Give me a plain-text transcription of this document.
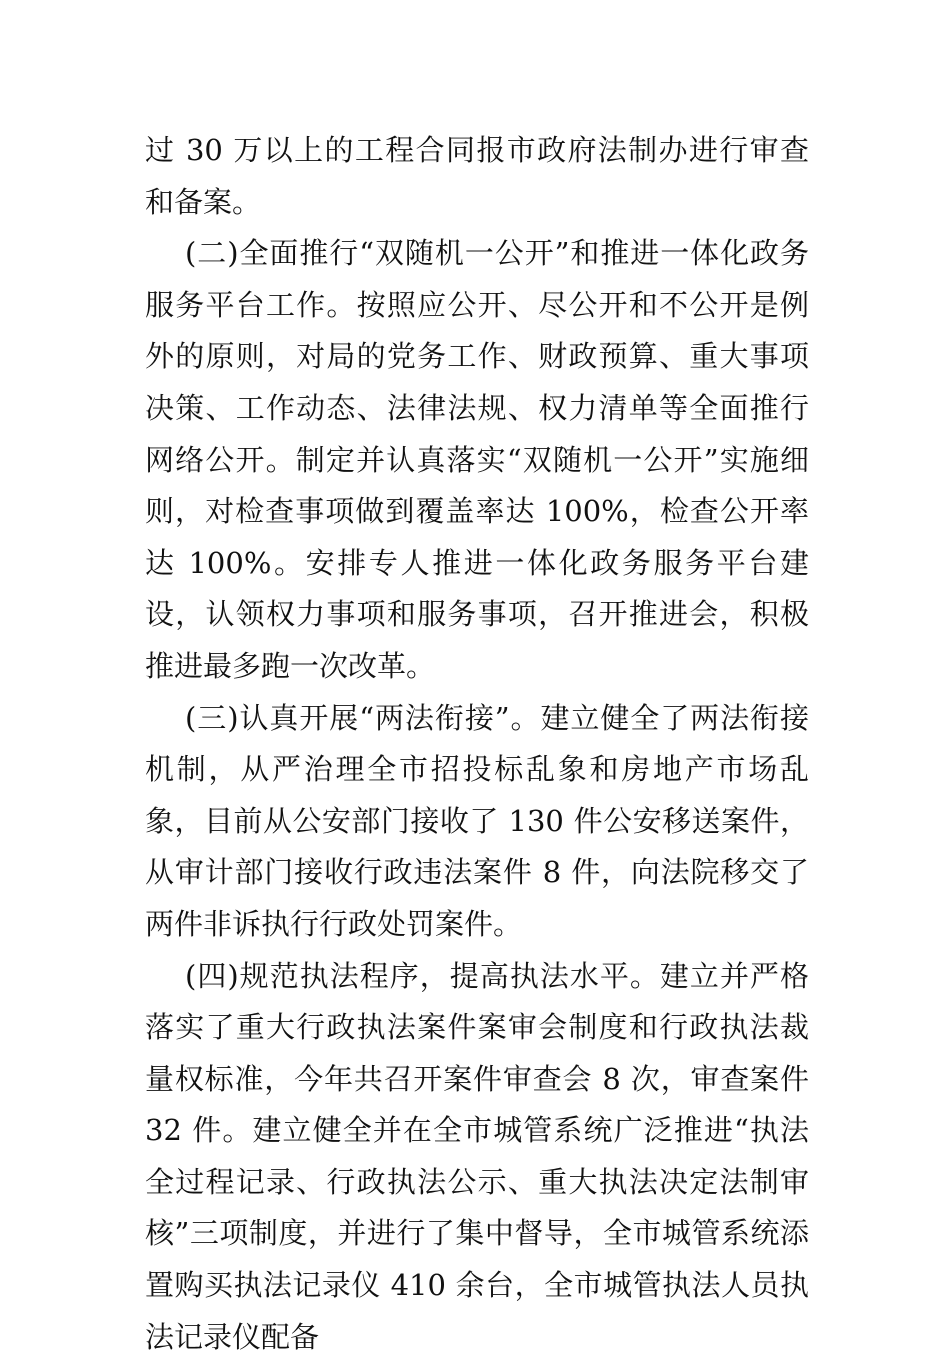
过 30 万以上的工程合同报市政府法制办进行审查和备案。

(二)全面推行“双随机一公开”和推进一体化政务服务平台工作。按照应公开、尽公开和不公开是例外的原则，对局的党务工作、财政预算、重大事项决策、工作动态、法律法规、权力清单等全面推行网络公开。制定并认真落实“双随机一公开”实施细则，对检查事项做到覆盖率达 100%，检查公开率达 100%。安排专人推进一体化政务服务平台建设，认领权力事项和服务事项，召开推进会，积极推进最多跑一次改革。

(三)认真开展“两法衔接”。建立健全了两法衔接机制，从严治理全市招投标乱象和房地产市场乱象，目前从公安部门接收了 130 件公安移送案件，从审计部门接收行政违法案件 8 件，向法院移交了两件非诉执行行政处罚案件。

(四)规范执法程序，提高执法水平。建立并严格落实了重大行政执法案件案审会制度和行政执法裁量权标准，今年共召开案件审查会 8 次，审查案件 32 件。建立健全并在全市城管系统广泛推进“执法全过程记录、行政执法公示、重大执法决定法制审核”三项制度，并进行了集中督导，全市城管系统添置购买执法记录仪 410 余台，全市城管执法人员执法记录仪配备
